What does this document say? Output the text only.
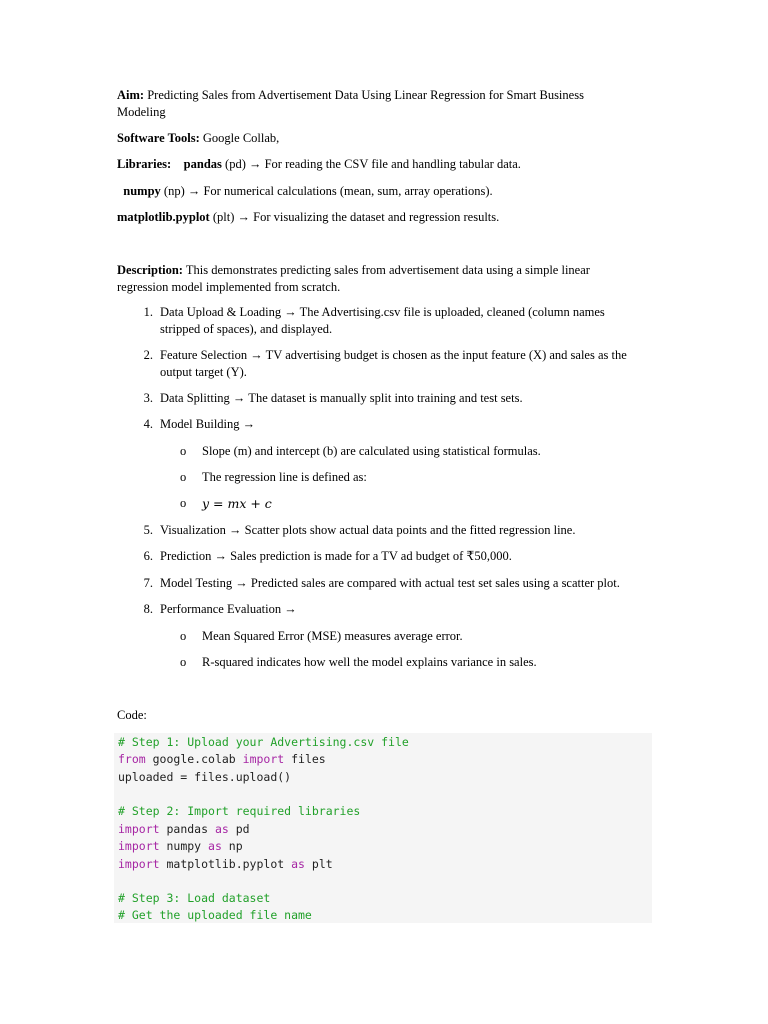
Aim: Predicting Sales from Advertisement Data Using Linear Regression for Smart Business
Modeling

Software Tools: Google Collab,

Libraries: pandas (pd) → For reading the CSV file and handling tabular data.

numpy (np) → For numerical calculations (mean, sum, array operations).

matplotlib.pyplot (plt) → For visualizing the dataset and regression results.

Description: This demonstrates predicting sales from advertisement data using a simple linear
regression model implemented from scratch.

1. Data Upload & Loading → The Advertising.csv file is uploaded, cleaned (column names
stripped of spaces), and displayed.
2. Feature Selection → TV advertising budget is chosen as the input feature (X) and sales as the
output target (Y).
3. Data Splitting → The dataset is manually split into training and test sets.
4. Model Building →
o Slope (m) and intercept (b) are calculated using statistical formulas.
o The regression line is defined as:
o y = mx + c
5. Visualization → Scatter plots show actual data points and the fitted regression line.
6. Prediction → Sales prediction is made for a TV ad budget of ₹50,000.
7. Model Testing → Predicted sales are compared with actual test set sales using a scatter plot.
8. Performance Evaluation →
o Mean Squared Error (MSE) measures average error.
o R-squared indicates how well the model explains variance in sales.

Code:

# Step 1: Upload your Advertising.csv file
from google.colab import files
uploaded = files.upload()
# Step 2: Import required libraries
import pandas as pd
import numpy as np
import matplotlib.pyplot as plt
# Step 3: Load dataset
# Get the uploaded file name
